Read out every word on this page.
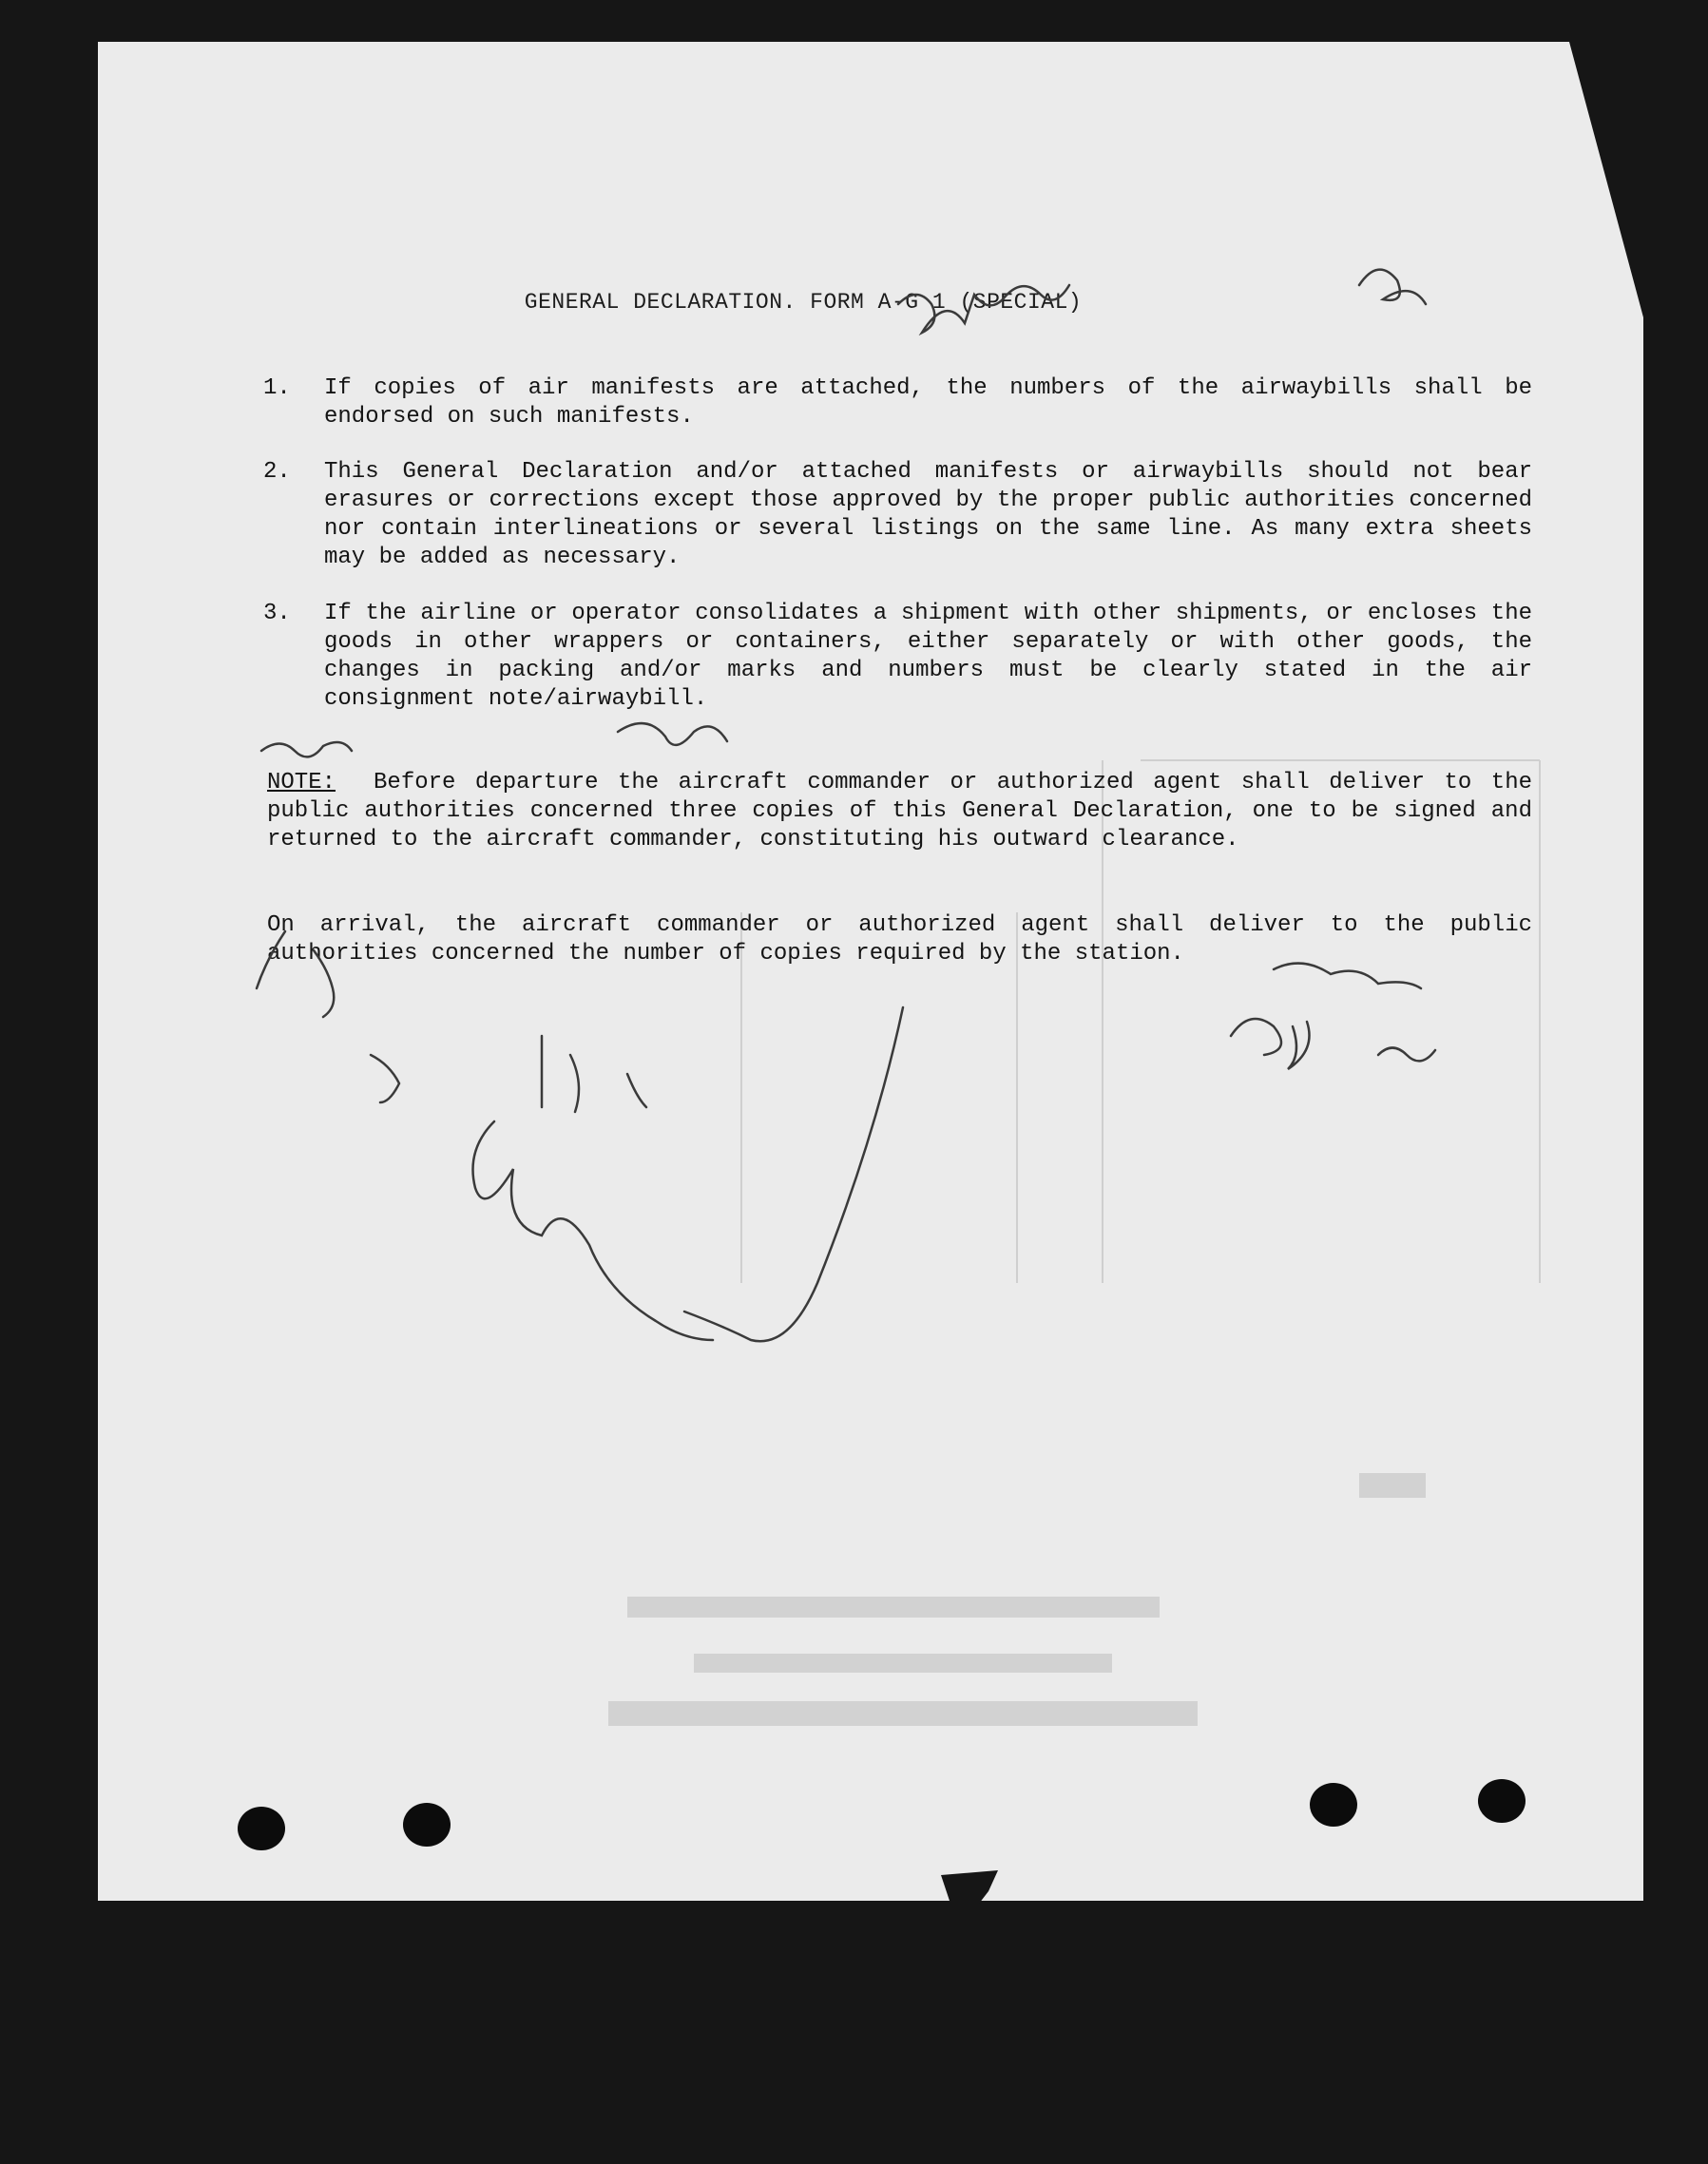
GENERAL DECLARATION. FORM A-G 1 (SPECIAL)
1. If copies of air manifests are attached, the numbers of the airwaybills shall be endorsed on such manifests.
2. This General Declaration and/or attached manifests or airwaybills should not bear erasures or corrections except those approved by the proper public authorities concerned nor contain interlineations or several listings on the same line. As many extra sheets may be added as necessary.
3. If the airline or operator consolidates a shipment with other shipments, or encloses the goods in other wrappers or containers, either separately or with other goods, the changes in packing and/or marks and numbers must be clearly stated in the air consignment note/airwaybill.
NOTE: Before departure the aircraft commander or authorized agent shall deliver to the public authorities concerned three copies of this General Declaration, one to be signed and returned to the aircraft commander, constituting his outward clearance.
On arrival, the aircraft commander or authorized agent shall deliver to the public authorities concerned the number of copies required by the station.
